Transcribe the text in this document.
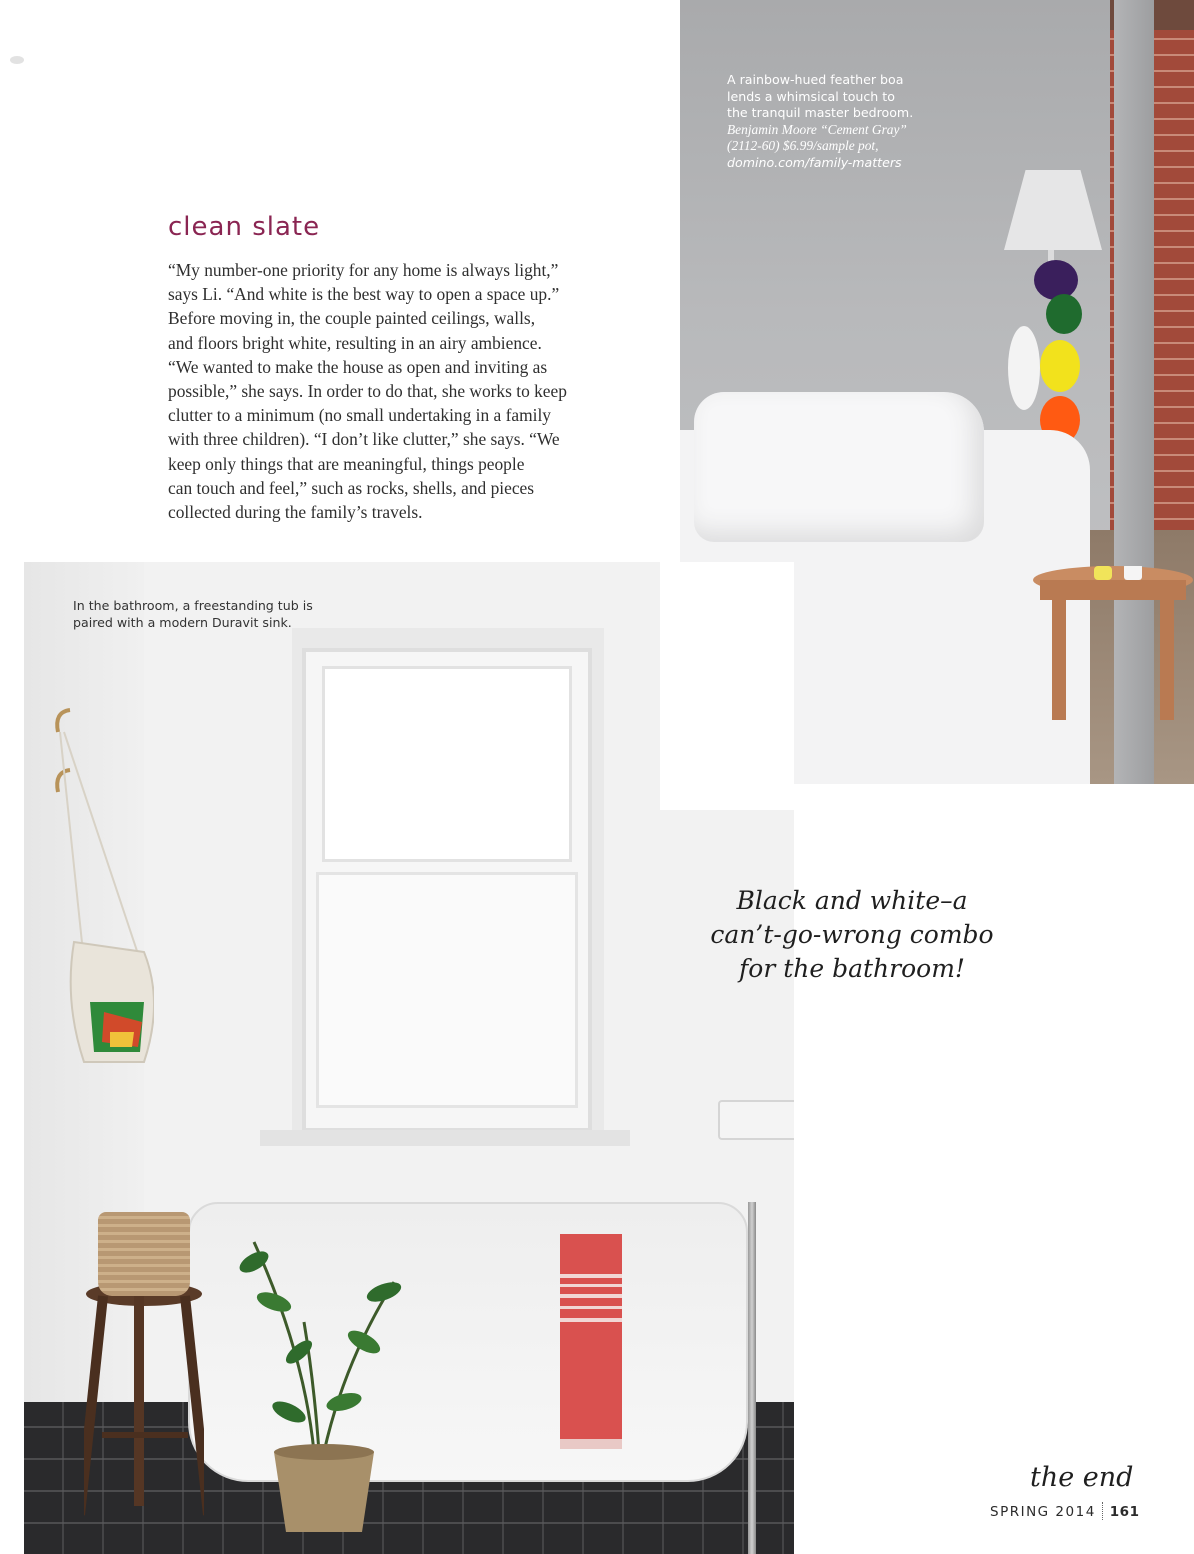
clean slate

“My number-one priority for any home is always light,”
says Li. “And white is the best way to open a space up.”
Before moving in, the couple painted ceilings, walls,
and floors bright white, resulting in an airy ambience.
“We wanted to make the house as open and inviting as
possible,” she says. In order to do that, she works to keep
clutter to a minimum (no small undertaking in a family
with three children). “I don’t like clutter,” she says. “We
keep only things that are meaningful, things people
can touch and feel,” such as rocks, shells, and pieces
collected during the family’s travels.

A rainbow-hued feather boa
lends a whimsical touch to
the tranquil master bedroom.
Benjamin Moore “Cement Gray”
(2112-60) $6.99/sample pot,
domino.com/family-matters
In the bathroom, a freestanding tub is
paired with a modern Duravit sink.
Black and white–a
can’t-go-wrong combo
for the bathroom!
the end
SPRING 2014 161
